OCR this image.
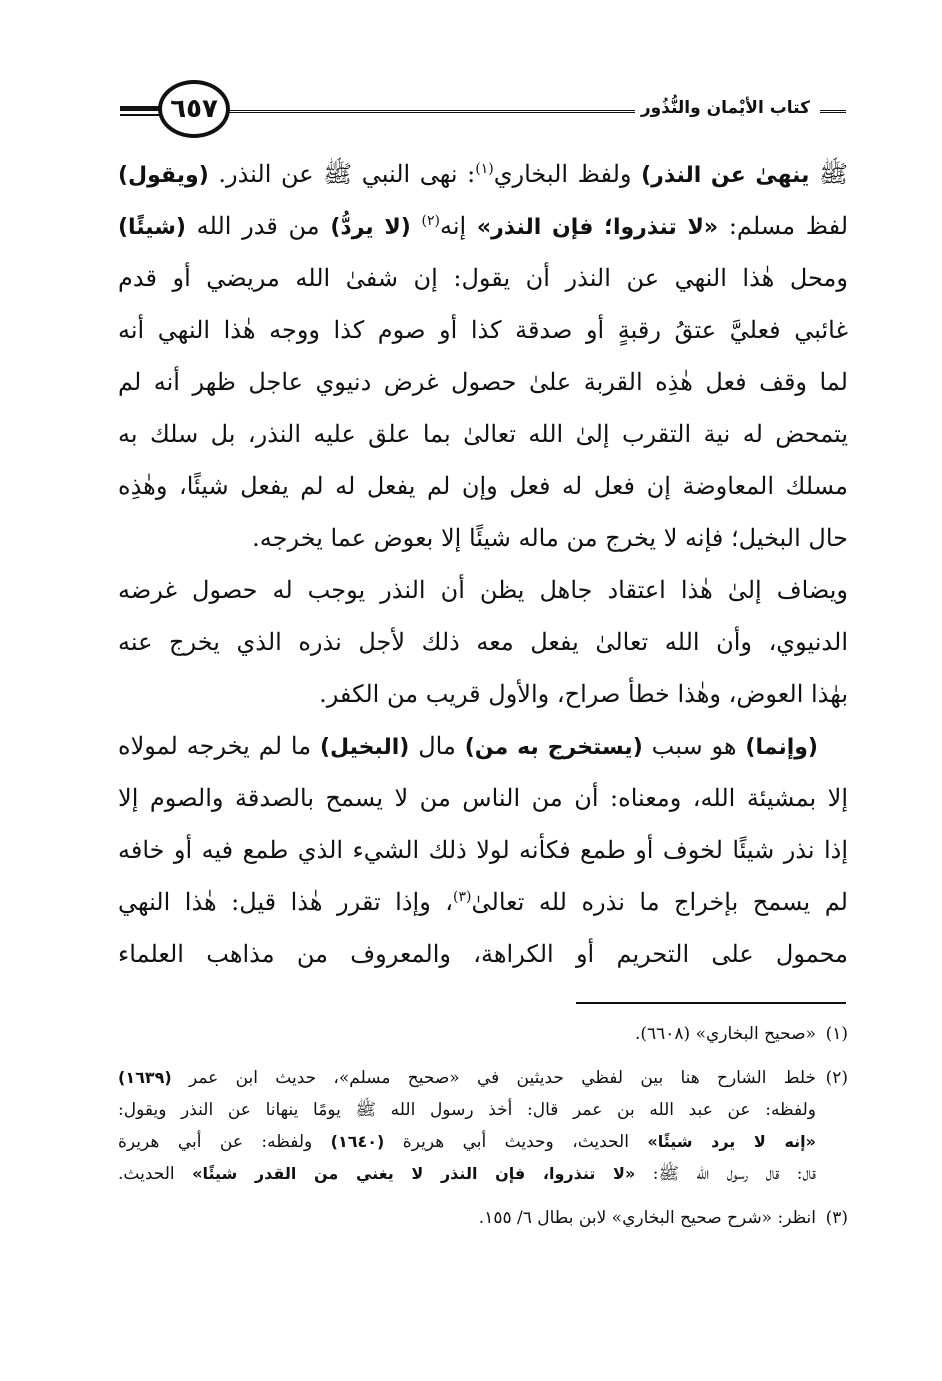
٦٥٧	كتاب الأيْمان والنُّذُور
ﷺ ينهىٰ عن النذر) ولفظ البخاري$^{(١)}$: نهى النبي ﷺ عن النذر. (ويقول)
لفظ مسلم: «لا تنذروا؛ فإن النذر» إنه$^{(٢)}$ (لا يردُّ) من قدر الله (شيئًا)
ومحل هٰذا النهي عن النذر أن يقول: إن شفىٰ الله مريضي أو قدم
غائبي فعليَّ عتقُ رقبةٍ أو صدقة كذا أو صوم كذا ووجه هٰذا النهي أنه
لما وقف فعل هٰذِه القربة علىٰ حصول غرض دنيوي عاجل ظهر أنه لم
يتمحض له نية التقرب إلىٰ الله تعالىٰ بما علق عليه النذر، بل سلك به
مسلك المعاوضة إن فعل له فعل وإن لم يفعل له لم يفعل شيئًا، وهٰذِه
حال البخيل؛ فإنه لا يخرج من ماله شيئًا إلا بعوض عما يخرجه.
ويضاف إلىٰ هٰذا اعتقاد جاهل يظن أن النذر يوجب له حصول غرضه
الدنيوي، وأن الله تعالىٰ يفعل معه ذلك لأجل نذره الذي يخرج عنه
بهٰذا العوض، وهٰذا خطأ صراح، والأول قريب من الكفر.
(وإنما) هو سبب (يستخرج به من) مال (البخيل) ما لم يخرجه لمولاه
إلا بمشيئة الله، ومعناه: أن من الناس من لا يسمح بالصدقة والصوم إلا
إذا نذر شيئًا لخوف أو طمع فكأنه لولا ذلك الشيء الذي طمع فيه أو خافه
لم يسمح بإخراج ما نذره لله تعالىٰ$^{(٣)}$، وإذا تقرر هٰذا قيل: هٰذا النهي
محمول على التحريم أو الكراهة، والمعروف من مذاهب العلماء
(١)«صحيح البخاري» (٦٦٠٨).
(٢)خلط الشارح هنا بين لفظي حديثين في «صحيح مسلم»، حديث ابن عمر (١٦٣٩)
ولفظه: عن عبد الله بن عمر قال: أخذ رسول الله ﷺ يومًا ينهانا عن النذر ويقول:
«إنه لا يرد شيئًا» الحديث، وحديث أبي هريرة (١٦٤٠) ولفظه: عن أبي هريرة
قال: قال رسول الله ﷺ: «لا تنذروا، فإن النذر لا يغني من القدر شيئًا» الحديث.
(٣)انظر: «شرح صحيح البخاري» لابن بطال ٦/ ١٥٥.
